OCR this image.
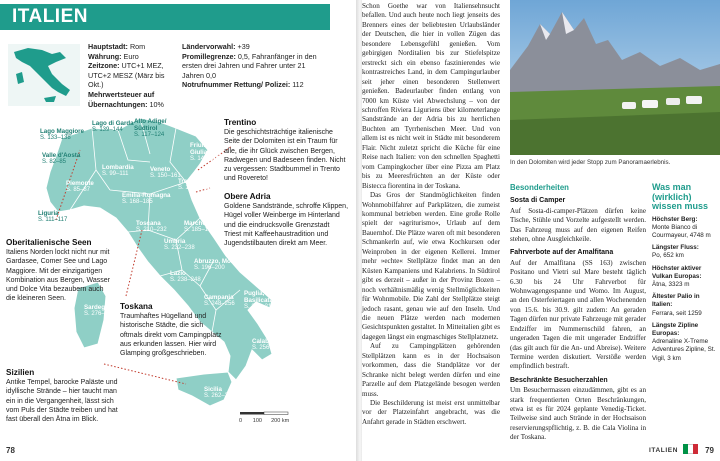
ITALIEN
Hauptstadt: Rom
Währung: Euro
Zeitzone: UTC+1 MEZ, UTC+2 MESZ (März bis Okt.)
Mehrwertsteuer auf Übernachtungen: 10%
Ländervorwahl: +39
Promillegrenze: 0,5, Fahranfänger in den ersten drei Jahren und Fahrer unter 21 Jahren 0,0
Notrufnummer Rettung/ Polizei: 112
Lago Maggiore
S. 133–138
Lago di Garda
S. 139–144
Alto Adige/ Südtirol
S. 117–124
Valle d'Aosta
S. 82–85
Lombardia
S. 99–111
Friuli Venezia Giulia
S. 145–149
Veneto
S. 150–161
Piemonte
S. 85–87
Trentino
S. 124–133
Emilia-Romagna
S. 168–185
Liguria
S. 111–117	Toscana
S. 210–232
Marche
S. 185–196
Umbria
S. 232–238
Abruzzo, Molise
S. 196–200
Lazio
S. 238–248
Sardegna
S. 276–286
Campania
S. 248–256
Puglia, Basilicata
S. 200–210
Calabria
S. 256–262
Sicilia
S. 262–276
0 100 200 km
Trentino
Die geschichtsträchtige italienische Seite der Dolomiten ist ein Traum für alle, die ihr Glück zwischen Bergen, Radwegen und Badeseen finden. Nicht zu vergessen: Stadtbummel in Trento und Rovereto!
Obere Adria
Goldene Sandstrände, schroffe Klippen, Hügel voller Weinberge im Hinterland und die eindrucksvolle Grenzstadt Triest mit Kaffeehaustradition und Jugendstilbauten direkt am Meer.
Oberitalienische Seen
Italiens Norden lockt nicht nur mit Gardasee, Comer See und Lago Maggiore. Mit der einzigartigen Kombination aus Bergen, Wasser und Dolce Vita bezaubern auch die kleineren Seen.
Toskana
Traumhaftes Hügelland und historische Städte, die sich oftmals direkt vom Campingplatz aus erkunden lassen. Hier wird Glamping großgeschrieben.
Sizilien
Antike Tempel, barocke Paläste und idyllische Strände – hier taucht man ein in die Vergangenheit, lässt sich vom Puls der Städte treiben und hat fast überall den Ätna im Blick.
78

Schon Goethe war von Italiensehnsucht befallen. Und auch heute noch liegt jenseits des Brenners eines der beliebtesten Urlaubsländer der Deutschen, die hier in vollen Zügen das besondere Lebensgefühl genießen. Vom gebirgigen Norditalien bis zur Stiefelspitze erstreckt sich ein ebenso faszinierendes wie kontrastreiches Land, in dem Campingurlauber seit jeher einen besonderen Stellenwert genießen. Badeurlauber finden entlang von 7000 km Küste viel Abwechslung – von der schroffen Riviera Liguriens über kilometerlange Sandstrände an der Adria bis zu herrlichen Buchten am Tyrrhenischen Meer. Und von allem ist es nicht weit in Städte mit besonderem Flair. Nicht zuletzt spricht die Küche für eine Reise nach Italien: von den schnellen Spaghetti vom Campingkocher über eine Pizza am Platz bis zu Meeresfrüchten an der Küste oder Bistecca fiorentina in der Toskana.

Das Gros der Standmöglichkeiten finden Wohnmobilfahrer auf Parkplätzen, die zumeist kommunal betrieben werden. Eine große Rolle spielt der »agriturismo«, Urlaub auf dem Bauernhof. Die Plätze waren oft mit besonderen Schmankerln auf, wie etwa Kochkursen oder Weinproben in der eigenen Kellerei. Immer mehr »echte« Stellplätze findet man an den Küsten Kampaniens und Kalabriens. In Südtirol gibt es derzeit – außer in der Provinz Bozen – noch verhältnismäßig wenig Stellmöglichkeiten für Wohnmobile. Die Zahl der Stellplätze steigt jedoch rasant, genau wie auf den Inseln. Und die neuen Plätze werden nach modernen Gesichtspunkten gestaltet. In Mitteitalien gibt es dagegen längst ein engmaschiges Stellplatznetz.

Auf zu Campingplätzen gehörenden Stellplätzen kann es in der Hochsaison vorkommen, dass die Standplätze vor der Schranke nicht belegt werden dürfen und eine Parzelle auf dem Platzgelände besogen werden muss.

Die Beschilderung ist meist erst unmittelbar vor der Platzeinfahrt angebracht, was die Anfahrt gerade in Städten erschwert.

In den Dolomiten wird jeder Stopp zum Panoramaerlebnis.
Besonderheiten
Sosta di Camper

Auf Sosta-di-camper-Plätzen dürfen keine Tische, Stühle und Vorzelte aufgestellt werden. Das Fahrzeug muss auf den eigenen Reifen stehen, ohne Ausgleichkeile.

Fahrverbote auf der Amalfitana

Auf der Amalfitana (SS 163) zwischen Positano und Vietri sul Mare besteht täglich 6.30 bis 24 Uhr Fahrverbot für Wohnwagengespanne und Womo. Im August, an den Osterfeiertagen und allen Wochenenden von 15.6. bis 30.9. gilt zudem: An geraden Tagen dürfen nur private Fahrzeuge mit gerader Endziffer im Nummernschild fahren, an ungeraden Tagen die mit ungerader Endziffer (das gilt auch für die An- und Abreise). Weitere Termine werden diskutiert. Verstöße werden empfindlich bestraft.

Beschränkte Besucherzahlen

Um Besuchermassen einzudämmen, gibt es an stark frequentierten Orten Beschränkungen, etwa ist es für 2024 geplante Venedig-Ticket. Teilweise sind auch Strände in der Hochsaison reservierungspflichtig, z. B. die Cala Violina in der Toskana.

Was man (wirklich) wissen muss
Höchster Berg:
Monte Bianco di Courmayeur, 4748 m
Längster Fluss:
Po, 652 km
Höchster aktiver Vulkan Europas:
Ätna, 3323 m
Ältester Palio in Italien:
Ferrara, seit 1259
Längste Zipline Europas:
Adrenaline X-Treme Adventures Zipline, St. Vigil, 3 km
ITALIEN	79
